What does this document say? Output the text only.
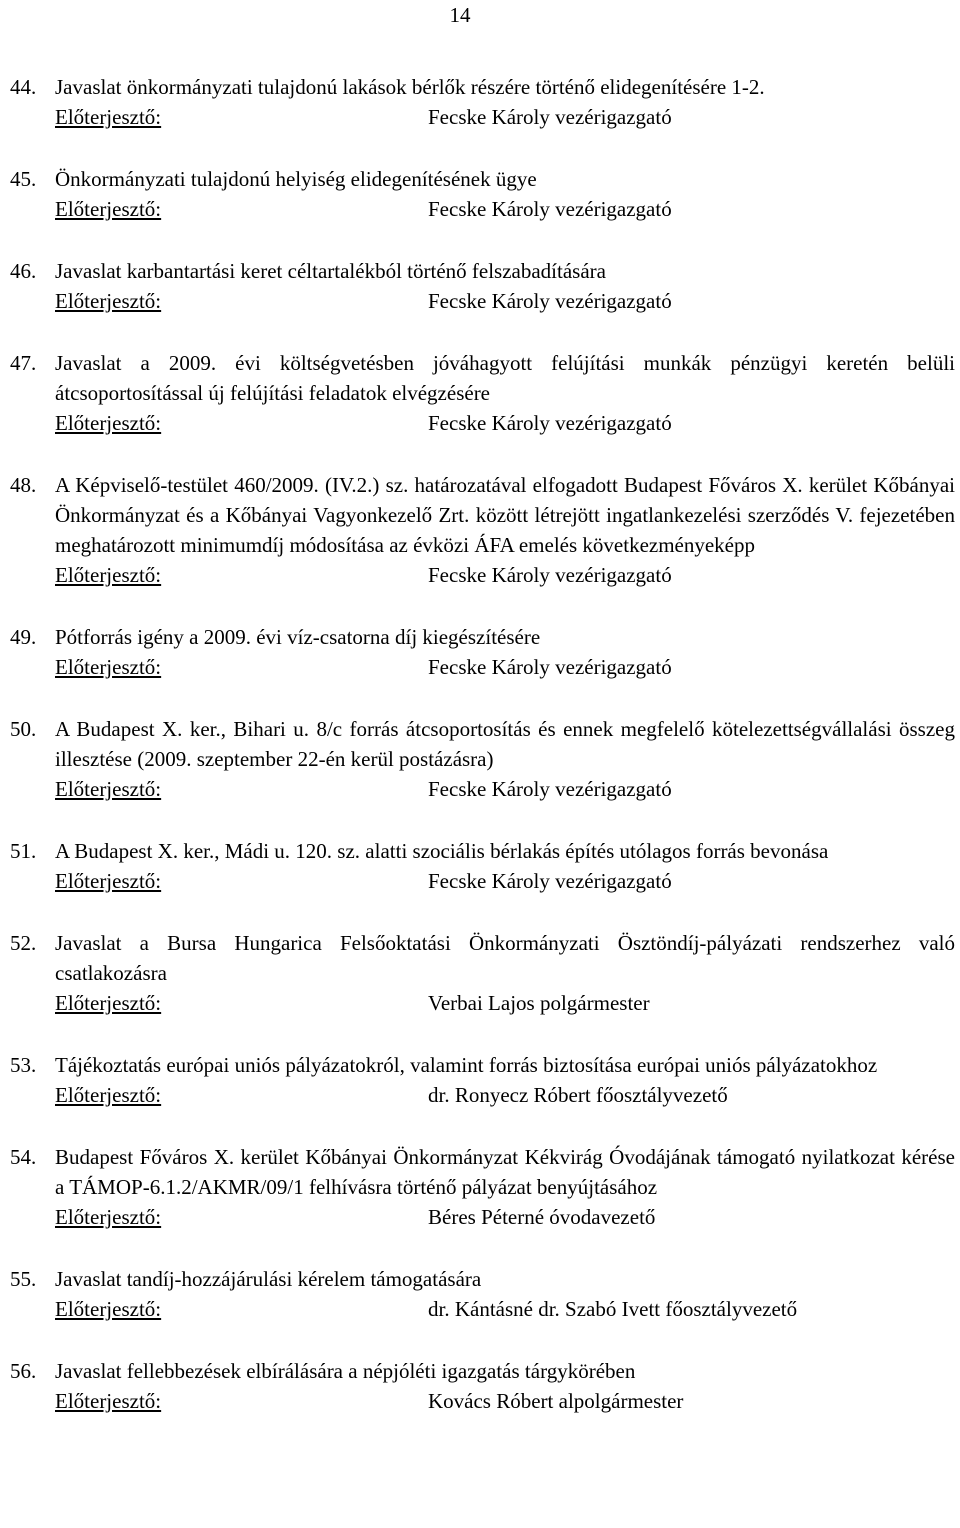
14
44. Javaslat önkormányzati tulajdonú lakások bérlők részére történő elidegenítésére 1-2.
Előterjesztő:	Fecske Károly vezérigazgató
45. Önkormányzati tulajdonú helyiség elidegenítésének ügye
Előterjesztő:	Fecske Károly vezérigazgató
46. Javaslat karbantartási keret céltartalékból történő felszabadítására
Előterjesztő:	Fecske Károly vezérigazgató
47. Javaslat a 2009. évi költségvetésben jóváhagyott felújítási munkák pénzügyi keretén belüli átcsoportosítással új felújítási feladatok elvégzésére
Előterjesztő:	Fecske Károly vezérigazgató
48. A Képviselő-testület 460/2009. (IV.2.) sz. határozatával elfogadott Budapest Főváros X. kerület Kőbányai Önkormányzat és a Kőbányai Vagyonkezelő Zrt. között létrejött ingatlankezelési szerződés V. fejezetében meghatározott minimumdíj módosítása az évközi ÁFA emelés következményeképp
Előterjesztő:	Fecske Károly vezérigazgató
49. Pótforrás igény a 2009. évi víz-csatorna díj kiegészítésére
Előterjesztő:	Fecske Károly vezérigazgató
50. A Budapest X. ker., Bihari u. 8/c forrás átcsoportosítás és ennek megfelelő kötelezettségvállalási összeg illesztése (2009. szeptember 22-én kerül postázásra)
Előterjesztő:	Fecske Károly vezérigazgató
51. A Budapest X. ker., Mádi u. 120. sz. alatti szociális bérlakás építés utólagos forrás bevonása
Előterjesztő:	Fecske Károly vezérigazgató
52. Javaslat a Bursa Hungarica Felsőoktatási Önkormányzati Ösztöndíj-pályázati rendszerhez való csatlakozásra
Előterjesztő:	Verbai Lajos polgármester
53. Tájékoztatás európai uniós pályázatokról, valamint forrás biztosítása európai uniós pályázatokhoz
Előterjesztő:	dr. Ronyecz Róbert főosztályvezető
54. Budapest Főváros X. kerület Kőbányai Önkormányzat Kékvirág Óvodájának támogató nyilatkozat kérése a TÁMOP-6.1.2/AKMR/09/1 felhívásra történő pályázat benyújtásához
Előterjesztő:	Béres Péterné óvodavezető
55. Javaslat tandíj-hozzájárulási kérelem támogatására
Előterjesztő:	dr. Kántásné dr. Szabó Ivett főosztályvezető
56. Javaslat fellebbezések elbírálására a népjóléti igazgatás tárgykörében
Előterjesztő:	Kovács Róbert alpolgármester
